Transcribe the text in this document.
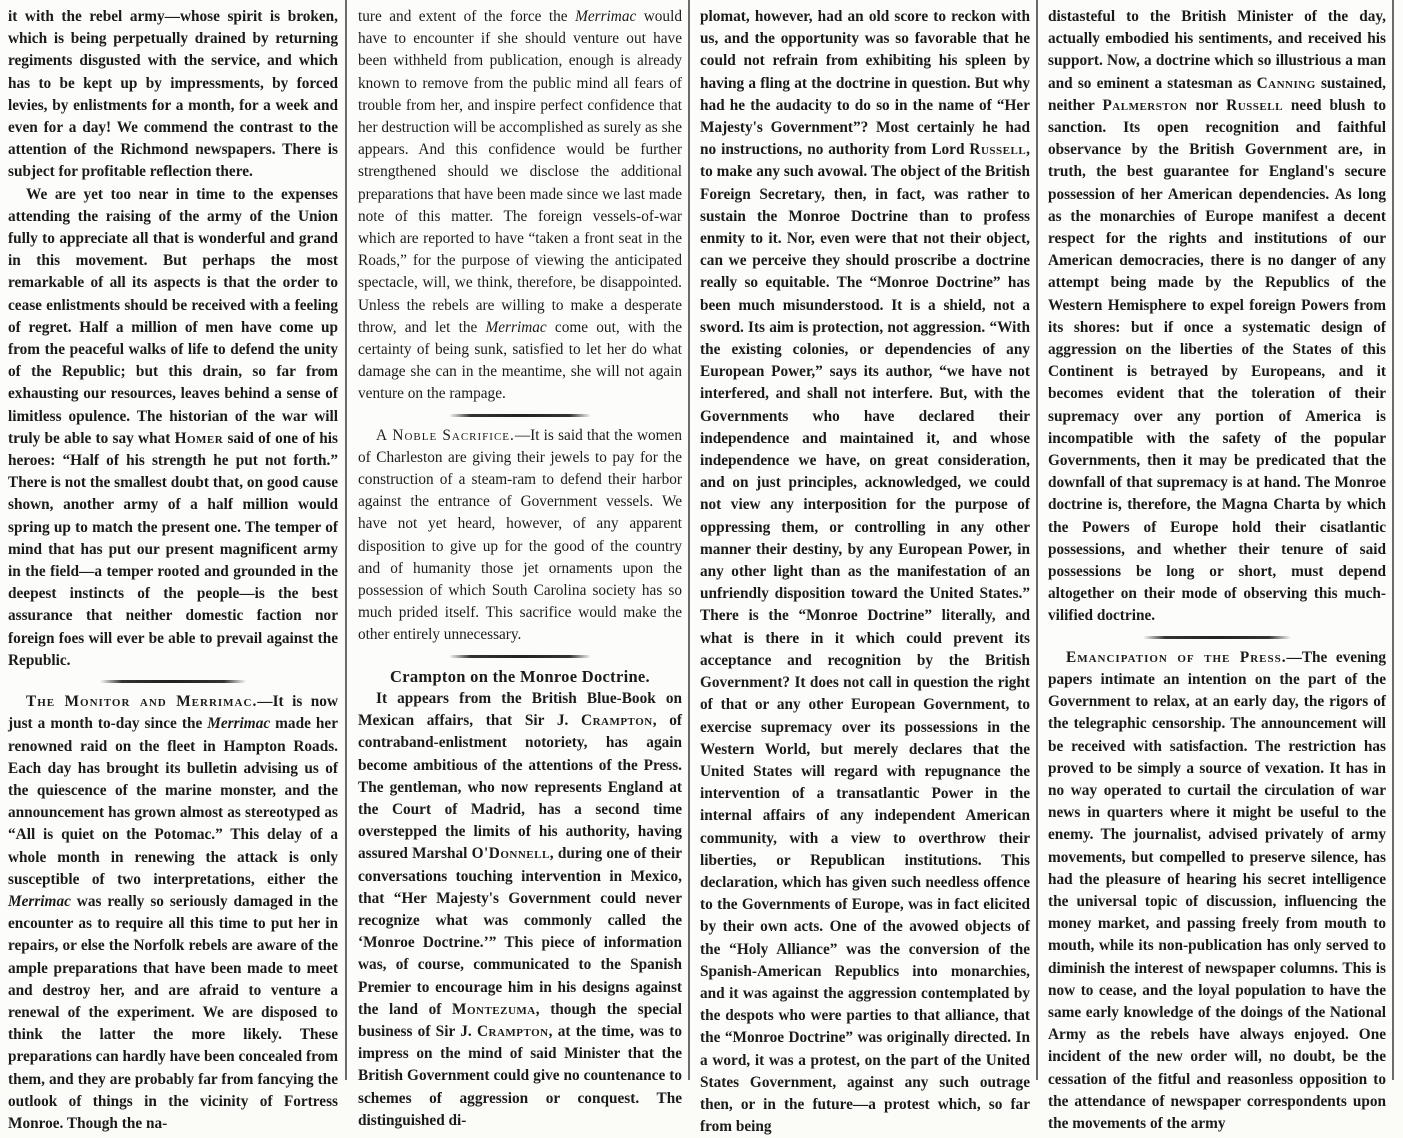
it with the rebel army—whose spirit is broken, which is being perpetually drained by returning regiments disgusted with the service, and which has to be kept up by impressments, by forced levies, by enlistments for a month, for a week and even for a day! We commend the contrast to the attention of the Richmond newspapers. There is subject for profitable reflection there.

We are yet too near in time to the expenses attending the raising of the army of the Union fully to appreciate all that is wonderful and grand in this movement. But perhaps the most remarkable of all its aspects is that the order to cease enlistments should be received with a feeling of regret. Half a million of men have come up from the peaceful walks of life to defend the unity of the Republic; but this drain, so far from exhausting our resources, leaves behind a sense of limitless opulence. The historian of the war will truly be able to say what Homer said of one of his heroes: “Half of his strength he put not forth.” There is not the smallest doubt that, on good cause shown, another army of a half million would spring up to match the present one. The temper of mind that has put our present magnificent army in the field—a temper rooted and grounded in the deepest instincts of the people—is the best assurance that neither domestic faction nor foreign foes will ever be able to prevail against the Republic.

The Monitor and Merrimac.—It is now just a month to-day since the Merrimac made her renowned raid on the fleet in Hampton Roads. Each day has brought its bulletin advising us of the quiescence of the marine monster, and the announcement has grown almost as stereotyped as “All is quiet on the Potomac.” This delay of a whole month in renewing the attack is only susceptible of two interpretations, either the Merrimac was really so seriously damaged in the encounter as to require all this time to put her in repairs, or else the Norfolk rebels are aware of the ample preparations that have been made to meet and destroy her, and are afraid to venture a renewal of the experiment. We are disposed to think the latter the more likely. These preparations can hardly have been concealed from them, and they are probably far from fancying the outlook of things in the vicinity of Fortress Monroe. Though the na-

ture and extent of the force the Merrimac would have to encounter if she should venture out have been withheld from publication, enough is already known to remove from the public mind all fears of trouble from her, and inspire perfect confidence that her destruction will be accomplished as surely as she appears. And this confidence would be further strengthened should we disclose the additional preparations that have been made since we last made note of this matter. The foreign vessels-of-war which are reported to have “taken a front seat in the Roads,” for the purpose of viewing the anticipated spectacle, will, we think, therefore, be disappointed. Unless the rebels are willing to make a desperate throw, and let the Merrimac come out, with the certainty of being sunk, satisfied to let her do what damage she can in the meantime, she will not again venture on the rampage.

A Noble Sacrifice.—It is said that the women of Charleston are giving their jewels to pay for the construction of a steam-ram to defend their harbor against the entrance of Government vessels. We have not yet heard, however, of any apparent disposition to give up for the good of the country and of humanity those jet ornaments upon the possession of which South Carolina society has so much prided itself. This sacrifice would make the other entirely unnecessary.

Crampton on the Monroe Doctrine.

It appears from the British Blue-Book on Mexican affairs, that Sir J. Crampton, of contraband-enlistment notoriety, has again become ambitious of the attentions of the Press. The gentleman, who now represents England at the Court of Madrid, has a second time overstepped the limits of his authority, having assured Marshal O'Donnell, during one of their conversations touching intervention in Mexico, that “Her Majesty's Government could never recognize what was commonly called the ‘Monroe Doctrine.’” This piece of information was, of course, communicated to the Spanish Premier to encourage him in his designs against the land of Montezuma, though the special business of Sir J. Crampton, at the time, was to impress on the mind of said Minister that the British Government could give no countenance to schemes of aggression or conquest. The distinguished di-

plomat, however, had an old score to reckon with us, and the opportunity was so favorable that he could not refrain from exhibiting his spleen by having a fling at the doctrine in question. But why had he the audacity to do so in the name of “Her Majesty's Government”? Most certainly he had no instructions, no authority from Lord Russell, to make any such avowal. The object of the British Foreign Secretary, then, in fact, was rather to sustain the Monroe Doctrine than to profess enmity to it. Nor, even were that not their object, can we perceive they should proscribe a doctrine really so equitable. The “Monroe Doctrine” has been much misunderstood. It is a shield, not a sword. Its aim is protection, not aggression. “With the existing colonies, or dependencies of any European Power,” says its author, “we have not interfered, and shall not interfere. But, with the Governments who have declared their independence and maintained it, and whose independence we have, on great consideration, and on just principles, acknowledged, we could not view any interposition for the purpose of oppressing them, or controlling in any other manner their destiny, by any European Power, in any other light than as the manifestation of an unfriendly disposition toward the United States.” There is the “Monroe Doctrine” literally, and what is there in it which could prevent its acceptance and recognition by the British Government? It does not call in question the right of that or any other European Government, to exercise supremacy over its possessions in the Western World, but merely declares that the United States will regard with repugnance the intervention of a transatlantic Power in the internal affairs of any independent American community, with a view to overthrow their liberties, or Republican institutions. This declaration, which has given such needless offence to the Governments of Europe, was in fact elicited by their own acts. One of the avowed objects of the “Holy Alliance” was the conversion of the Spanish-American Republics into monarchies, and it was against the aggression contemplated by the despots who were parties to that alliance, that the “Monroe Doctrine” was originally directed. In a word, it was a protest, on the part of the United States Government, against any such outrage then, or in the future—a protest which, so far from being

distasteful to the British Minister of the day, actually embodied his sentiments, and received his support. Now, a doctrine which so illustrious a man and so eminent a statesman as Canning sustained, neither Palmerston nor Russell need blush to sanction. Its open recognition and faithful observance by the British Government are, in truth, the best guarantee for England's secure possession of her American dependencies. As long as the monarchies of Europe manifest a decent respect for the rights and institutions of our American democracies, there is no danger of any attempt being made by the Republics of the Western Hemisphere to expel foreign Powers from its shores: but if once a systematic design of aggression on the liberties of the States of this Continent is betrayed by Europeans, and it becomes evident that the toleration of their supremacy over any portion of America is incompatible with the safety of the popular Governments, then it may be predicated that the downfall of that supremacy is at hand. The Monroe doctrine is, therefore, the Magna Charta by which the Powers of Europe hold their cisatlantic possessions, and whether their tenure of said possessions be long or short, must depend altogether on their mode of observing this much-vilified doctrine.

Emancipation of the Press.—The evening papers intimate an intention on the part of the Government to relax, at an early day, the rigors of the telegraphic censorship. The announcement will be received with satisfaction. The restriction has proved to be simply a source of vexation. It has in no way operated to curtail the circulation of war news in quarters where it might be useful to the enemy. The journalist, advised privately of army movements, but compelled to preserve silence, has had the pleasure of hearing his secret intelligence the universal topic of discussion, influencing the money market, and passing freely from mouth to mouth, while its non-publication has only served to diminish the interest of newspaper columns. This is now to cease, and the loyal population to have the same early knowledge of the doings of the National Army as the rebels have always enjoyed. One incident of the new order will, no doubt, be the cessation of the fitful and reasonless opposition to the attendance of newspaper correspondents upon the movements of the army
